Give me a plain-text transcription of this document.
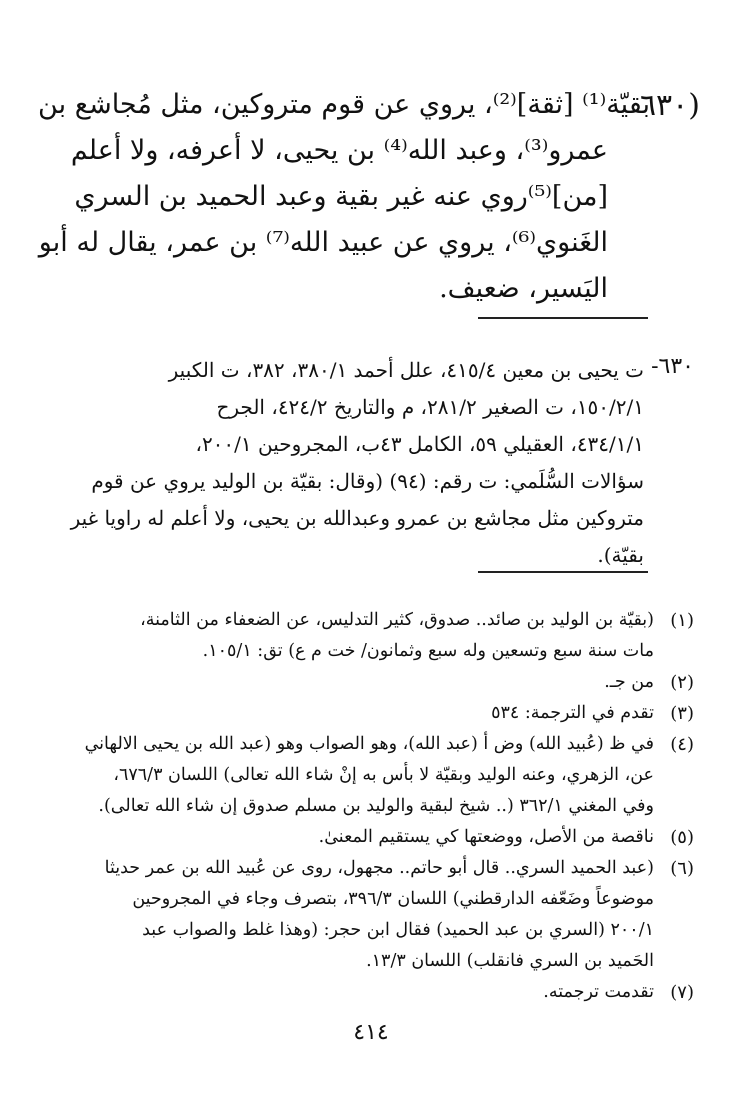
(٦٣٠
بقيّة⁽¹⁾ [ثقة]⁽²⁾، يروي عن قوم متروكين، مثل مُجاشع بن
عمرو⁽³⁾، وعبد الله⁽⁴⁾ بن يحيى، لا أعرفه، ولا أعلم
[من]⁽⁵⁾روي عنه غير بقية وعبد الحميد بن السري
الغَنوي⁽⁶⁾، يروي عن عبيد الله⁽⁷⁾ بن عمر، يقال له أبو
اليَسير، ضعيف.
٦٣٠-
ت يحيى بن معين ٤١٥/٤، علل أحمد ٣٨٠/١، ٣٨٢، ت الكبير
١٥٠/٢/١، ت الصغير ٢٨١/٢، م والتاريخ ٤٢٤/٢، الجرح
٤٣٤/١/١، العقيلي ٥٩، الكامل ٤٣ب، المجروحين ٢٠٠/١،
سؤالات السُّلَمي: ت رقم: (٩٤) (وقال: بقيّة بن الوليد يروي عن قوم
متروكين مثل مجاشع بن عمرو وعبدالله بن يحيى، ولا أعلم له راويا غير
بقيّة).
(١)
(بقيّة بن الوليد بن صائد.. صدوق، كثير التدليس، عن الضعفاء من الثامنة،
مات سنة سبع وتسعين وله سبع وثمانون/ خت م ع) تق: ١٠٥/١.
(٢)
من جـ.
(٣)
تقدم في الترجمة: ٥٣٤
(٤)
في ظ (عُبيد الله) وض أ (عبد الله)، وهو الصواب وهو (عبد الله بن يحيى الالهاني
عن، الزهري، وعنه الوليد وبقيّة لا بأس به إنْ شاء الله تعالى) اللسان ٦٧٦/٣،
وفي المغني ٣٦٢/١ (.. شيخ لبقية والوليد بن مسلم صدوق إن شاء الله تعالى).
(٥)
ناقصة من الأصل، ووضعتها كي يستقيم المعنىٰ.
(٦)
(عبد الحميد السري.. قال أبو حاتم.. مجهول، روى عن عُبيد الله بن عمر حديثا
موضوعاً وضَعّفه الدارقطني) اللسان ٣٩٦/٣، بتصرف وجاء في المجروحين
٢٠٠/١ (السري بن عبد الحميد) فقال ابن حجر: (وهذا غلط والصواب عبد
الحَميد بن السري فانقلب) اللسان ١٣/٣.
(٧)
تقدمت ترجمته.
٤١٤
